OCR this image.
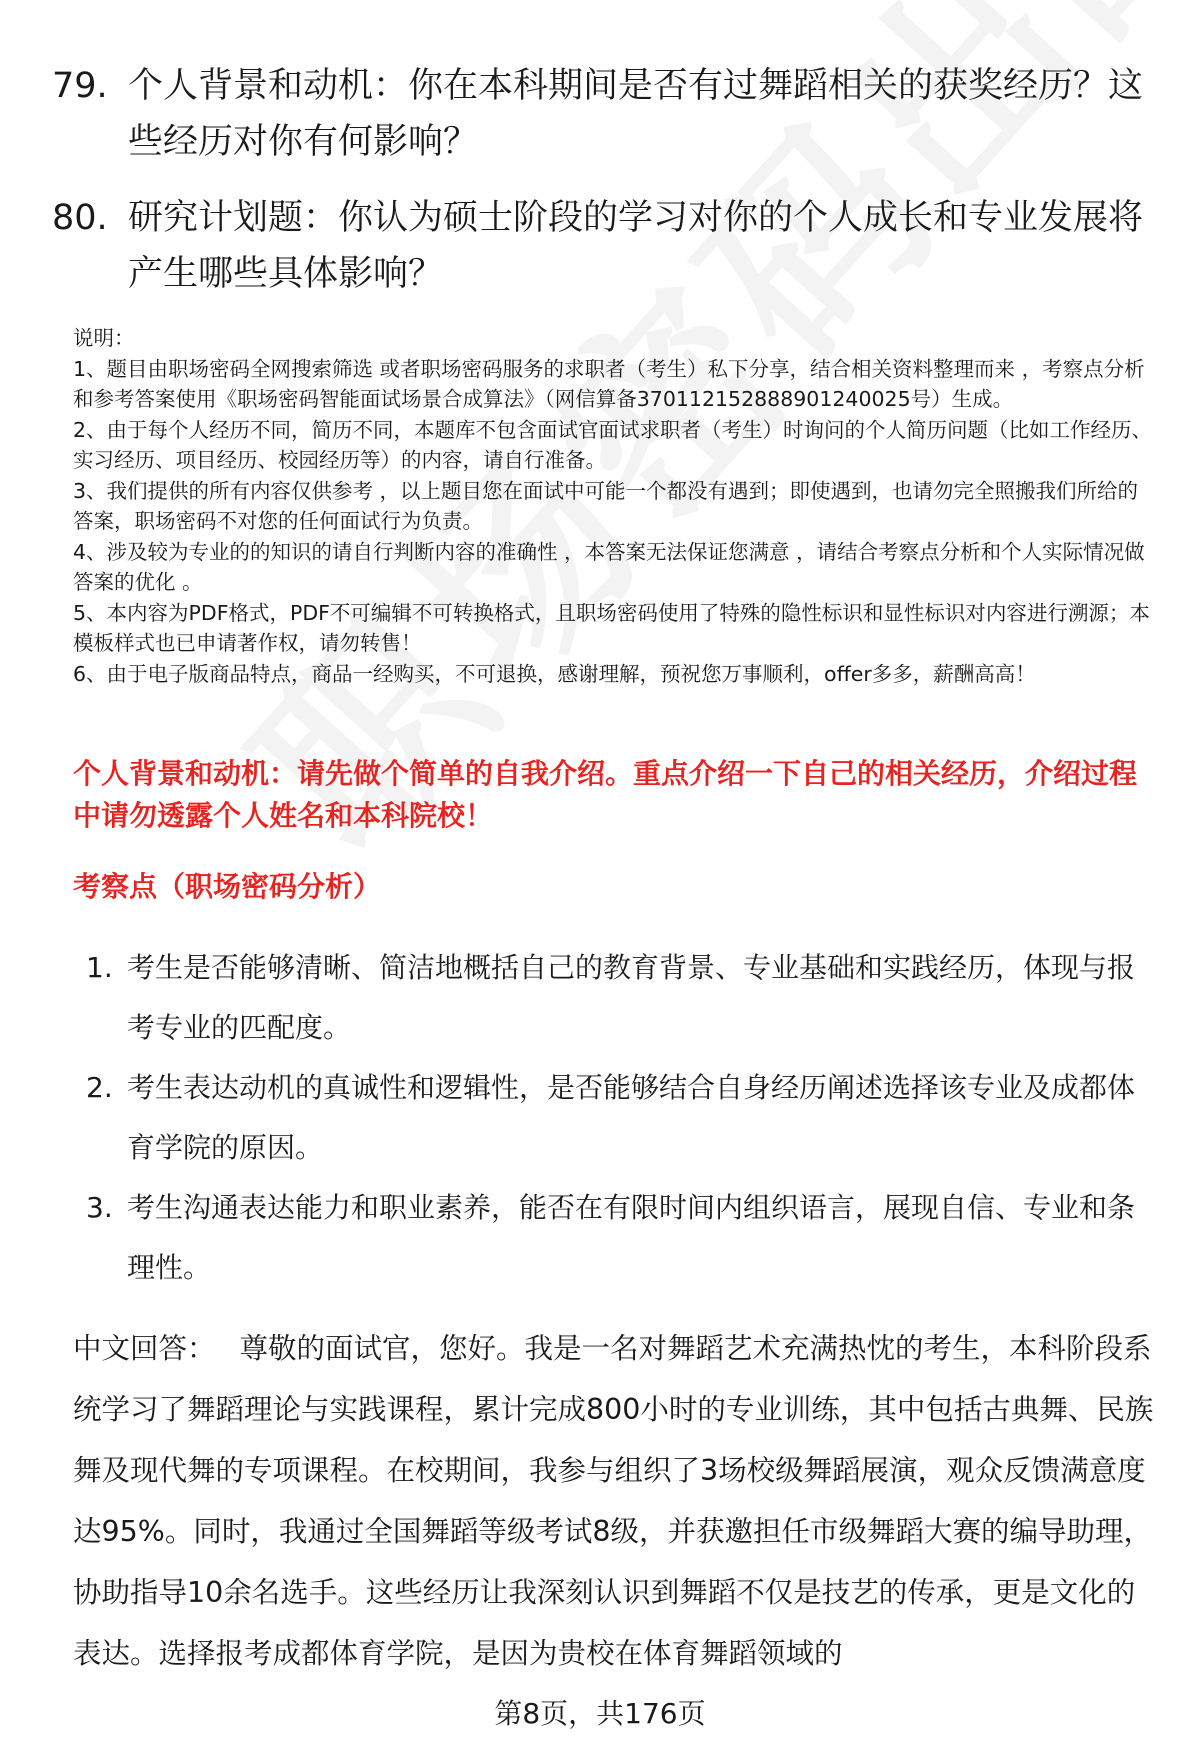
79. 个人背景和动机：你在本科期间是否有过舞蹈相关的获奖经历？这些经历对你有何影响？
80. 研究计划题：你认为硕士阶段的学习对你的个人成长和专业发展将产生哪些具体影响？

说明：

1、题目由职场密码全网搜索筛选 或者职场密码服务的求职者（考生）私下分享，结合相关资料整理而来 ，考察点分析和参考答案使用《职场密码智能面试场景合成算法》（网信算备370112152888901240025号）生成。

2、由于每个人经历不同，简历不同，本题库不包含面试官面试求职者（考生）时询问的个人简历问题（比如工作经历、实习经历、项目经历、校园经历等）的内容，请自行准备。

3、我们提供的所有内容仅供参考 ，以上题目您在面试中可能一个都没有遇到；即使遇到，也请勿完全照搬我们所给的答案，职场密码不对您的任何面试行为负责。

4、涉及较为专业的的知识的请自行判断内容的准确性 ，本答案无法保证您满意 ，请结合考察点分析和个人实际情况做答案的优化 。

5、本内容为PDF格式，PDF不可编辑不可转换格式，且职场密码使用了特殊的隐性标识和显性标识对内容进行溯源；本模板样式也已申请著作权，请勿转售！

6、由于电子版商品特点，商品一经购买，不可退换，感谢理解，预祝您万事顺利，offer多多，薪酬高高！

个人背景和动机：请先做个简单的自我介绍。重点介绍一下自己的相关经历，介绍过程中请勿透露个人姓名和本科院校！
考察点（职场密码分析）
1. 考生是否能够清晰、简洁地概括自己的教育背景、专业基础和实践经历，体现与报考专业的匹配度。
2. 考生表达动机的真诚性和逻辑性，是否能够结合自身经历阐述选择该专业及成都体育学院的原因。
3. 考生沟通表达能力和职业素养，能否在有限时间内组织语言，展现自信、专业和条理性。
中文回答： 尊敬的面试官，您好。我是一名对舞蹈艺术充满热忱的考生，本科阶段系统学习了舞蹈理论与实践课程，累计完成800小时的专业训练，其中包括古典舞、民族舞及现代舞的专项课程。在校期间，我参与组织了3场校级舞蹈展演，观众反馈满意度达95%。同时，我通过全国舞蹈等级考试8级，并获邀担任市级舞蹈大赛的编导助理，协助指导10余名选手。这些经历让我深刻认识到舞蹈不仅是技艺的传承，更是文化的表达。选择报考成都体育学院，是因为贵校在体育舞蹈领域的
第8页，共176页
